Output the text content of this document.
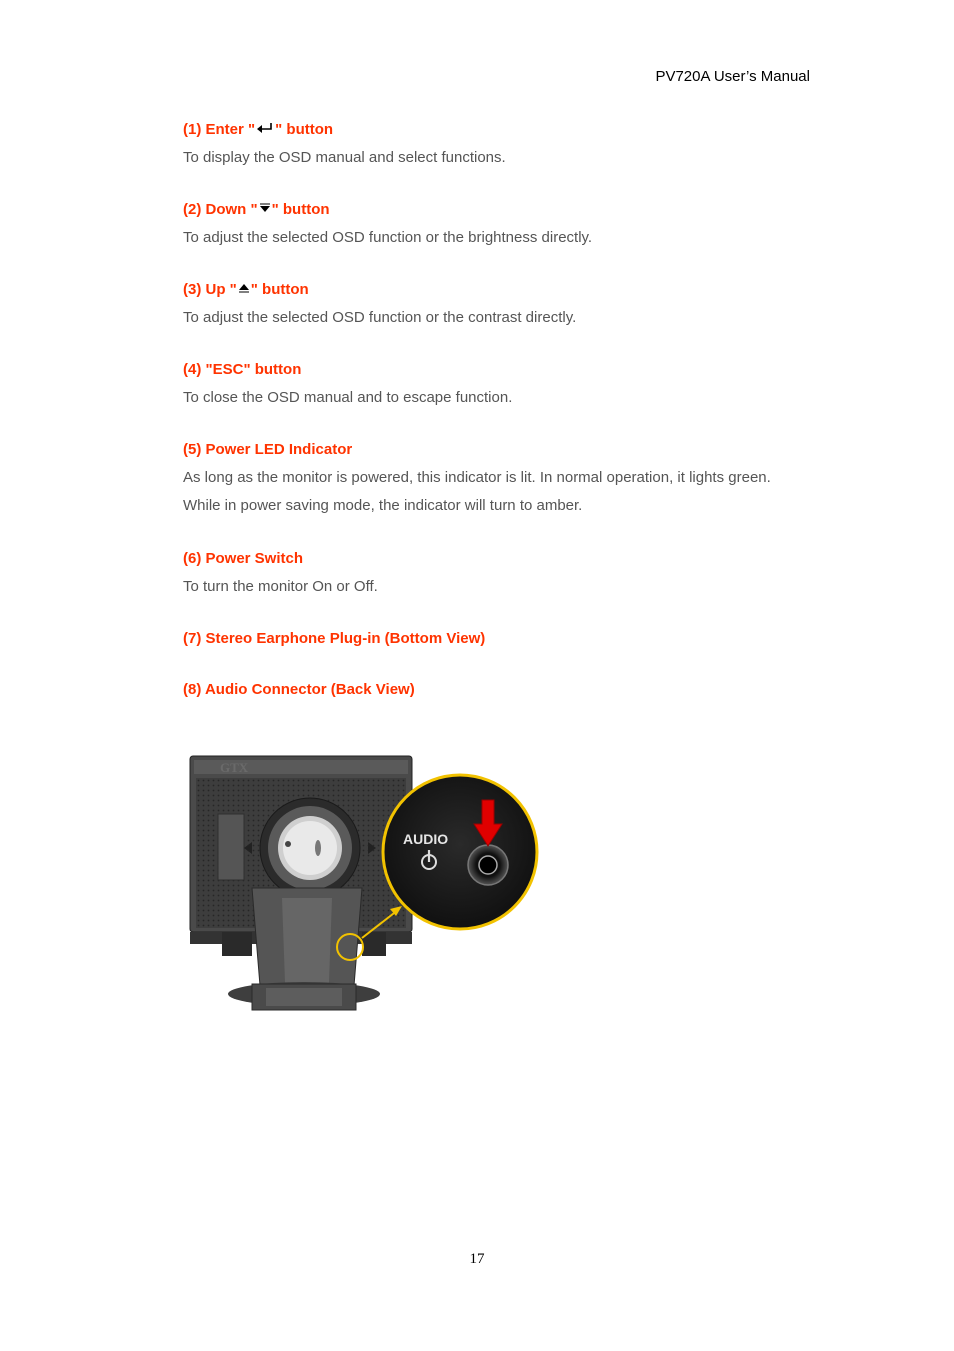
PV720A User’s Manual
(1) Enter " " button
To display the OSD manual and select functions.
(2) Down " " button
To adjust the selected OSD function or the brightness directly.
(3) Up " " button
To adjust the selected OSD function or the contrast directly.
(4) "ESC" button
To close the OSD manual and to escape function.
(5) Power LED Indicator
As long as the monitor is powered, this indicator is lit. In normal operation, it lights green.
While in power saving mode, the indicator will turn to amber.
(6) Power Switch
To turn the monitor On or Off.
(7) Stereo Earphone Plug-in (Bottom View)
(8) Audio Connector (Back View)
GTX
AUDIO
17
